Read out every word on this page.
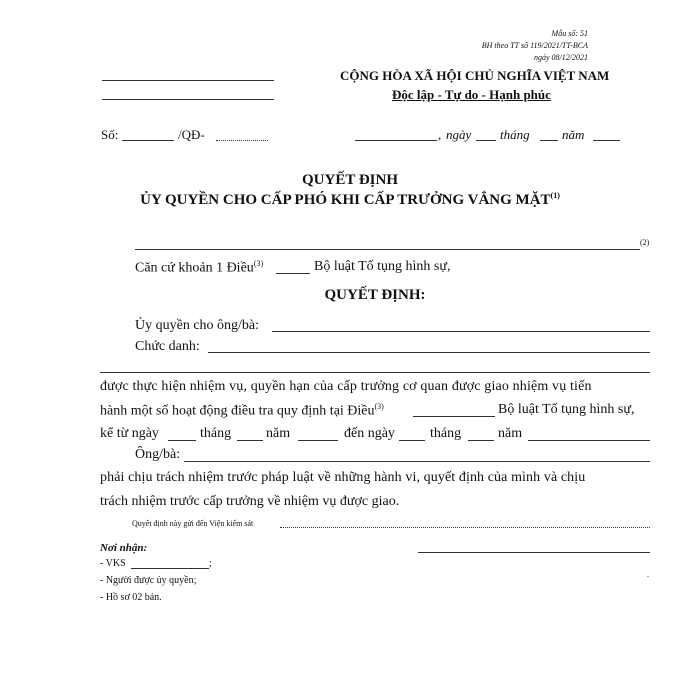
Mẫu số: 51
BH theo TT số 119/2021/TT-BCA
ngày 08/12/2021
CỘNG HÒA XÃ HỘI CHỦ NGHĨA VIỆT NAM
Độc lập - Tự do - Hạnh phúc
Số:	/QĐ-	, ngày tháng năm
QUYẾT ĐỊNH
ỦY QUYỀN CHO CẤP PHÓ KHI CẤP TRƯỞNG VẮNG MẶT$^{(1)}$
(2)
Căn cứ khoản 1 Điều$^{(3)}$	Bộ luật Tố tụng hình sự,
QUYẾT ĐỊNH:
Ủy quyền cho ông/bà:
Chức danh:
được thực hiện nhiệm vụ, quyền hạn của cấp trưởng cơ quan được giao nhiệm vụ tiến
hành một số hoạt động điều tra quy định tại Điều$^{(3)}$	Bộ luật Tố tụng hình sự,
kể từ ngày	tháng năm	đến ngày	tháng	năm
Ông/bà:
phải chịu trách nhiệm trước pháp luật về những hành vi, quyết định của mình và chịu
trách nhiệm trước cấp trưởng về nhiệm vụ được giao.
Quyết định này gửi đến Viện kiểm sát
Nơi nhận:
- VKS	;
- Người được ủy quyền;
- Hồ sơ 02 bản.
.
